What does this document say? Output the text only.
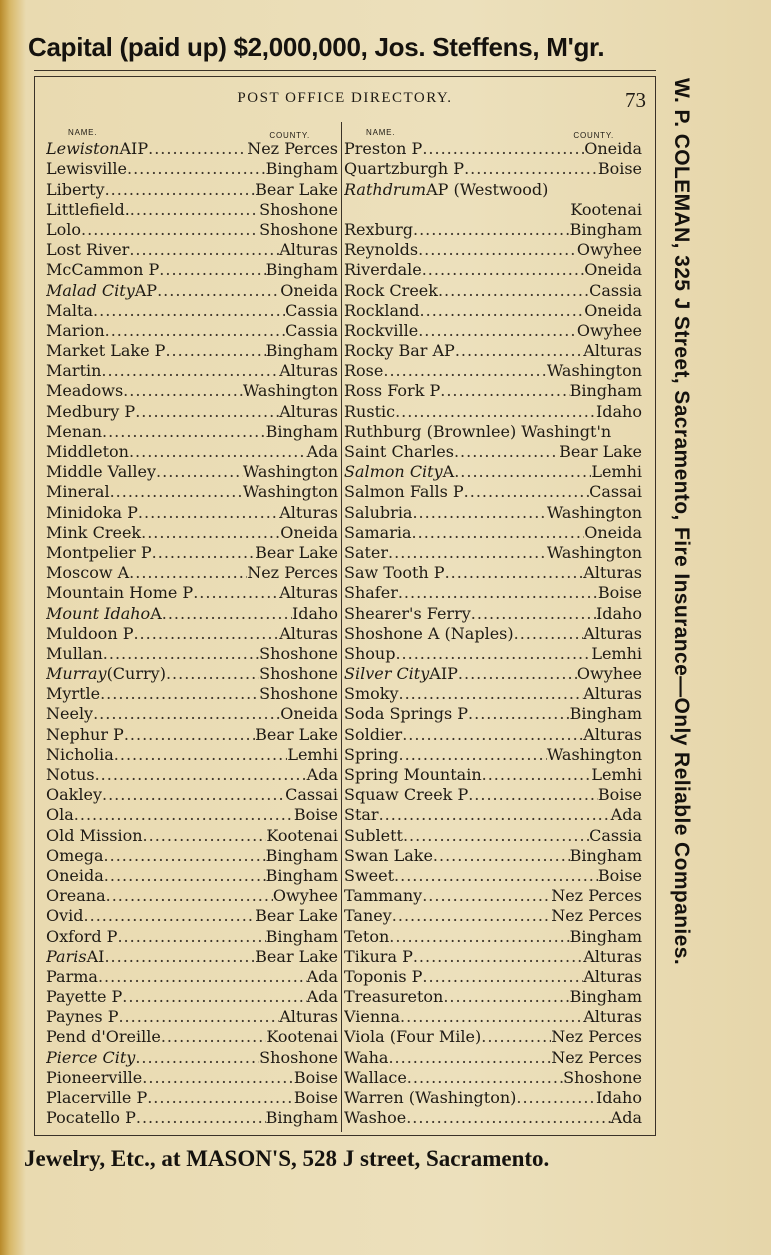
Capital (paid up) $2,000,000, Jos. Steffens, M'gr.
POST OFFICE DIRECTORY.	73
NAME.	COUNTY.
Lewiston AIP .....	Nez Perces
Lewisville .....	Bingham
Liberty .....	Bear Lake
Littlefield. .....	Shoshone
Lolo .....	Shoshone
Lost River .....	Alturas
McCammon P .....	Bingham
Malad City AP .....	Oneida
Malta .....	Cassia
Marion .....	Cassia
Market Lake P .....	Bingham
Martin .....	Alturas
Meadows .....	Washington
Medbury P .....	Alturas
Menan .....	Bingham
Middleton .....	Ada
Middle Valley .....	Washington
Mineral .....	Washington
Minidoka P .....	Alturas
Mink Creek .....	Oneida
Montpelier P .....	Bear Lake
Moscow A .....	Nez Perces
Mountain Home P .....	Alturas
Mount Idaho A .....	Idaho
Muldoon P .....	Alturas
Mullan .....	Shoshone
Murray (Curry) .....	Shoshone
Myrtle .....	Shoshone
Neely .....	Oneida
Nephur P .....	Bear Lake
Nicholia .....	Lemhi
Notus .....	Ada
Oakley .....	Cassai
Ola .....	Boise
Old Mission .....	Kootenai
Omega .....	Bingham
Oneida .....	Bingham
Oreana .....	Owyhee
Ovid .....	Bear Lake
Oxford P .....	Bingham
Paris AI .....	Bear Lake
Parma .....	Ada
Payette P .....	Ada
Paynes P .....	Alturas
Pend d'Oreille .....	Kootenai
Pierce City .....	Shoshone
Pioneerville .....	Boise
Placerville P .....	Boise
Pocatello P .....	Bingham
NAME.	COUNTY.
Preston P .....	Oneida
Quartzburgh P .....	Boise
Rathdrum AP (Westwood)
Kootenai
Rexburg .....	Bingham
Reynolds .....	Owyhee
Riverdale .....	Oneida
Rock Creek .....	Cassia
Rockland .....	Oneida
Rockville .....	Owyhee
Rocky Bar AP .....	Alturas
Rose .....	Washington
Ross Fork P .....	Bingham
Rustic .....	Idaho
Ruthburg (Brownlee) Washingt'n
Saint Charles .....	Bear Lake
Salmon City A .....	Lemhi
Salmon Falls P .....	Cassai
Salubria .....	Washington
Samaria .....	Oneida
Sater .....	Washington
Saw Tooth P .....	Alturas
Shafer .....	Boise
Shearer's Ferry .....	Idaho
Shoshone A (Naples) .....	Alturas
Shoup .....	Lemhi
Silver City AIP .....	Owyhee
Smoky .....	Alturas
Soda Springs P .....	Bingham
Soldier .....	Alturas
Spring .....	Washington
Spring Mountain .....	Lemhi
Squaw Creek P .....	Boise
Star .....	Ada
Sublett .....	Cassia
Swan Lake .....	Bingham
Sweet .....	Boise
Tammany .....	Nez Perces
Taney .....	Nez Perces
Teton .....	Bingham
Tikura P .....	Alturas
Toponis P .....	Alturas
Treasureton .....	Bingham
Vienna .....	Alturas
Viola (Four Mile) .....	Nez Perces
Waha .....	Nez Perces
Wallace .....	Shoshone
Warren (Washington) .....	Idaho
Washoe .....	Ada
W. P. COLEMAN, 325 J Street, Sacramento, Fire Insurance—Only Reliable Companies.
Jewelry, Etc., at MASON'S, 528 J street, Sacramento.
